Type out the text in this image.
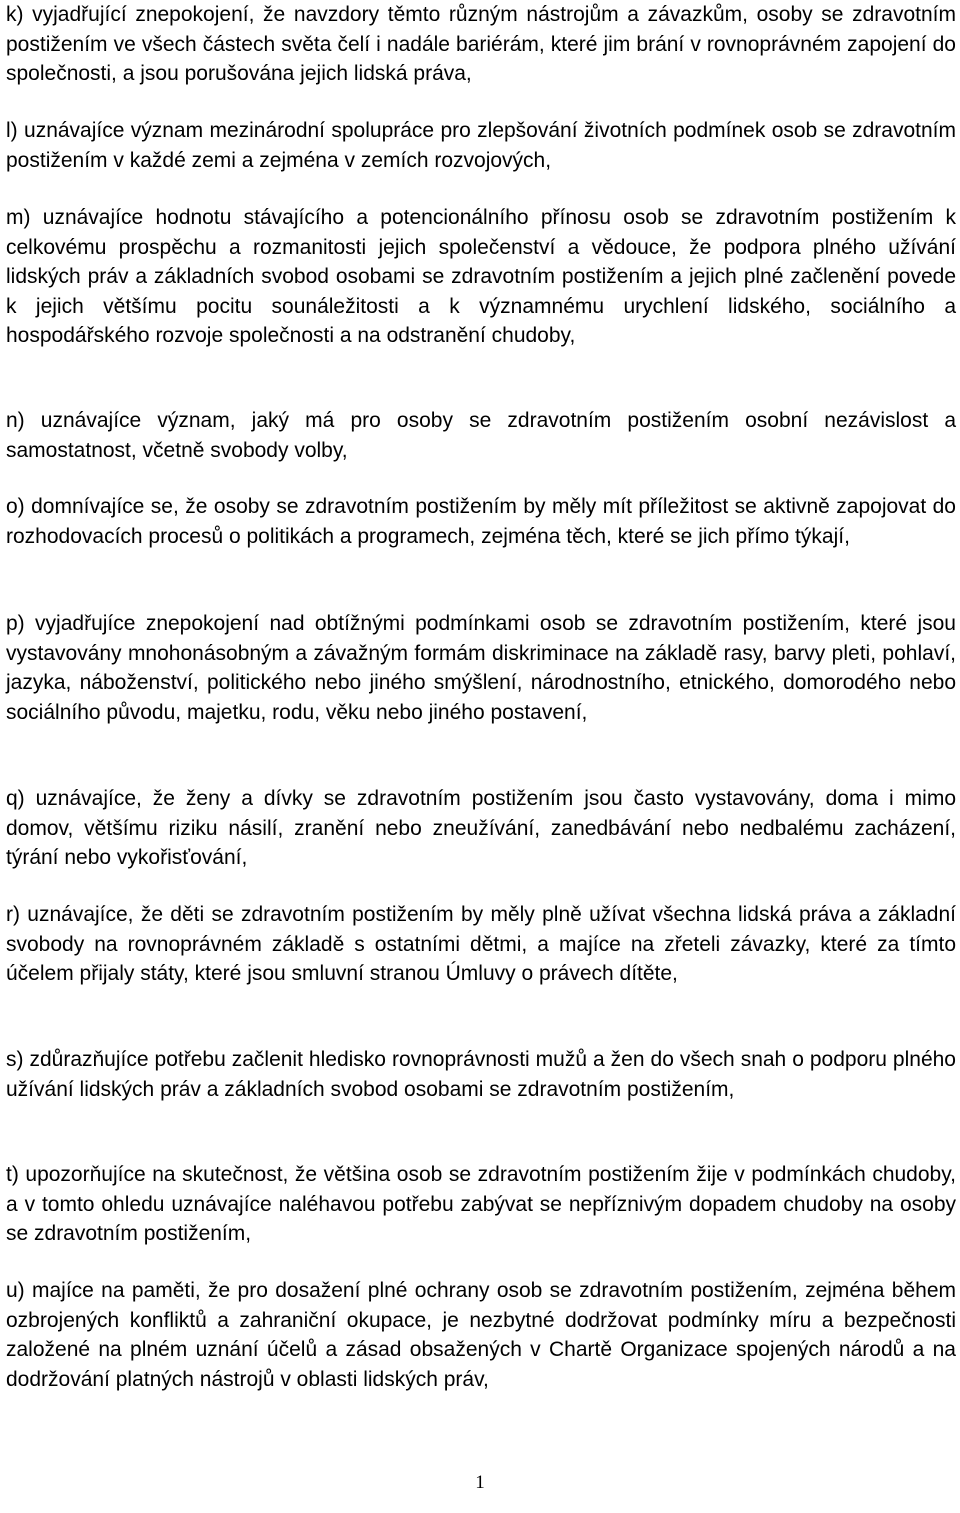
k) vyjadřující znepokojení, že navzdory těmto různým nástrojům a závazkům, osoby se zdravotním postižením ve všech částech světa čelí i nadále bariérám, které jim brání v rovnoprávném zapojení do společnosti, a jsou porušována jejich lidská práva,

l) uznávajíce význam mezinárodní spolupráce pro zlepšování životních podmínek osob se zdravotním postižením v každé zemi a zejména v zemích rozvojových,

m) uznávajíce hodnotu stávajícího a potencionálního přínosu osob se zdravotním postižením k celkovému prospěchu a rozmanitosti jejich společenství a vědouce, že podpora plného užívání lidských práv a základních svobod osobami se zdravotním postižením a jejich plné začlenění povede k jejich většímu pocitu sounáležitosti a k významnému urychlení lidského, sociálního a hospodářského rozvoje společnosti a na odstranění chudoby,

n) uznávajíce význam, jaký má pro osoby se zdravotním postižením osobní nezávislost a samostatnost, včetně svobody volby,

o) domnívajíce se, že osoby se zdravotním postižením by měly mít příležitost se aktivně zapojovat do rozhodovacích procesů o politikách a programech, zejména těch, které se jich přímo týkají,

p) vyjadřujíce znepokojení nad obtížnými podmínkami osob se zdravotním postižením, které jsou vystavovány mnohonásobným a závažným formám diskriminace na základě rasy, barvy pleti, pohlaví, jazyka, náboženství, politického nebo jiného smýšlení, národnostního, etnického, domorodého nebo sociálního původu, majetku, rodu, věku nebo jiného postavení,

q) uznávajíce, že ženy a dívky se zdravotním postižením jsou často vystavovány, doma i mimo domov, většímu riziku násilí, zranění nebo zneužívání, zanedbávání nebo nedbalému zacházení, týrání nebo vykořisťování,

r) uznávajíce, že děti se zdravotním postižením by měly plně užívat všechna lidská práva a základní svobody na rovnoprávném základě s ostatními dětmi, a majíce na zřeteli závazky, které za tímto účelem přijaly státy, které jsou smluvní stranou Úmluvy o právech dítěte,

s) zdůrazňujíce potřebu začlenit hledisko rovnoprávnosti mužů a žen do všech snah o podporu plného užívání lidských práv a základních svobod osobami se zdravotním postižením,

t) upozorňujíce na skutečnost, že většina osob se zdravotním postižením žije v podmínkách chudoby, a v tomto ohledu uznávajíce naléhavou potřebu zabývat se nepříznivým dopadem chudoby na osoby se zdravotním postižením,

u) majíce na paměti, že pro dosažení plné ochrany osob se zdravotním postižením, zejména během ozbrojených konfliktů a zahraniční okupace, je nezbytné dodržovat podmínky míru a bezpečnosti založené na plném uznání účelů a zásad obsažených v Chartě Organizace spojených národů a na dodržování platných nástrojů v oblasti lidských práv,

1
